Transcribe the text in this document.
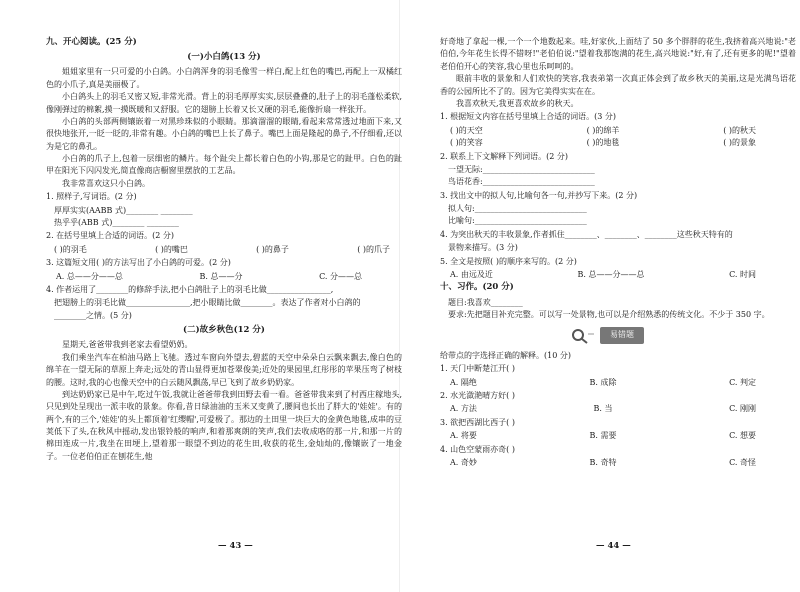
九、开心阅读。(25 分)

(一)小白鸽(13 分)

姐姐家里有一只可爱的小白鸽。小白鸽浑身的羽毛像雪一样白,配上红色的嘴巴,再配上一双橘红色的小爪子,真是美丽极了。

小白鸽头上的羽毛又密又短,非常光滑。背上的羽毛厚厚实实,层层叠叠的,肚子上的羽毛蓬松柔软,像刚弹过的棉絮,摸一摸既暖和又舒服。它的翅膀上长着又长又硬的羽毛,能像折扇一样张开。

小白鸽的头部两侧镶嵌着一对黑珍珠似的小眼睛。那滴溜溜的眼睛,看起来常常透过地面下来,又很快地张开,一眨一眨的,非常有趣。小白鸽的嘴巴上长了鼻子。嘴巴上面是隆起的鼻子,不仔细看,还以为是它的鼻孔。

小白鸽的爪子上,包着一层细密的鳞片。每个趾尖上都长着白色的小钩,那是它的趾甲。白色的趾甲在阳光下闪闪发光,简直像商店橱窗里摆放的工艺品。

我非常喜欢这只小白鸽。

1. 照样子,写词语。(2 分)

厚厚实实(AABB 式)________ ________

热乎乎(ABB 式)________ ________

2. 在括号里填上合适的词语。(2 分)

( )的羽毛	( )的嘴巴	( )的鼻子	( )的爪子

3. 这篇短文用( )的方法写出了小白鸽的可爱。(2 分)

A. 总——分——总	B. 总——分	C. 分——总

4. 作者运用了________的修辞手法,把小白鸽肚子上的羽毛比做________________,

把翅膀上的羽毛比做________________,把小眼睛比做________。表达了作者对小白鸽的

________之情。(5 分)

(二)故乡秋色(12 分)

星期天,爸爸带我到老家去看望奶奶。

我们乘坐汽车在柏油马路上飞驰。透过车窗向外望去,碧蓝的天空中朵朵白云飘来飘去,像白色的绵羊在一望无际的草原上奔走;远处的青山显得更加苍翠俊美;近处的果园里,红彤彤的苹果压弯了树枝的腰。这时,我的心也像天空中的白云随风飘荡,早已飞到了故乡奶奶家。

到达奶奶家已是中午,吃过午饭,我就让爸爸带我到田野去看一看。爸爸带我来到了村西庄稼地头,只见到处呈现出一派丰收的景象。你看,昔日绿油油的玉米又变黄了,腰间也长出了胖大的'娃娃'。有的两个,有的三个,'娃娃'的头上都顶着'红缨帽',可爱极了。那边的土田里一块巨大的金黄色地毯,成串的豆荚低下了头,在秋风中摇动,发出银铃般的响声,和着那爽朗的笑声,我们去收成咯的那一片,和那一片的棉田连成一片,我坐在田埂上,望着那一眼望不到边的花生田,收获的花生,金灿灿的,像镶嵌了一地金子。一位老伯伯正在刨花生,他

好奇地了拿起一棵,一个一个地数起来。哇,好家伙,上面结了 50 多个胖胖的花生,我挤着高兴地说:"老伯伯,今年花生长得不错呀!"老伯伯说:"望着我那饱满的花生,高兴地说:"好,有了,还有更多的呢!"望着老伯伯开心的笑容,我心里也乐呵呵的。

眼前丰收的景象和人们欢快的笑容,我表弟第一次真正体会到了故乡秋天的美丽,这是光满鸟语花香的公园所比不了的。因为它美得实实在在。

我喜欢秋天,我更喜欢故乡的秋天。

1. 根据短文内容在括号里填上合适的词语。(3 分)

( )的天空	( )的绵羊	( )的秋天
( )的笑容	( )的地毯	( )的景象

2. 联系上下文解释下列词语。(2 分)

一望无际:____________________________

鸟语花香:____________________________

3. 找出文中的拟人句,比喻句各一句,并抄写下来。(2 分)

拟人句:____________________________

比喻句:____________________________

4. 为突出秋天的丰收景象,作者抓住________、________、________这些秋天特有的

景物来描写。(3 分)

5. 全文是按照( )的顺序来写的。(2 分)

A. 由远及近	B. 总——分——总	C. 时间

十、习作。(20 分)

题目:我喜欢________

要求:先把题目补充完整。可以写一处景物,也可以是介绍熟悉的传统文化。不少于 350 字。

易错题

给带点的字选择正确的解释。(10 分)

1. 天门中断楚江开( )

A. 隔绝	B. 成除	C. 判定

2. 水光潋滟晴方好( )

A. 方法	B. 当	C. 刚刚

3. 欲把西湖比西子( )

A. 将要	B. 需要	C. 想要

4. 山色空蒙雨亦奇( )

A. 奇妙	B. 奇特	C. 奇怪
— 43 —	— 44 —
